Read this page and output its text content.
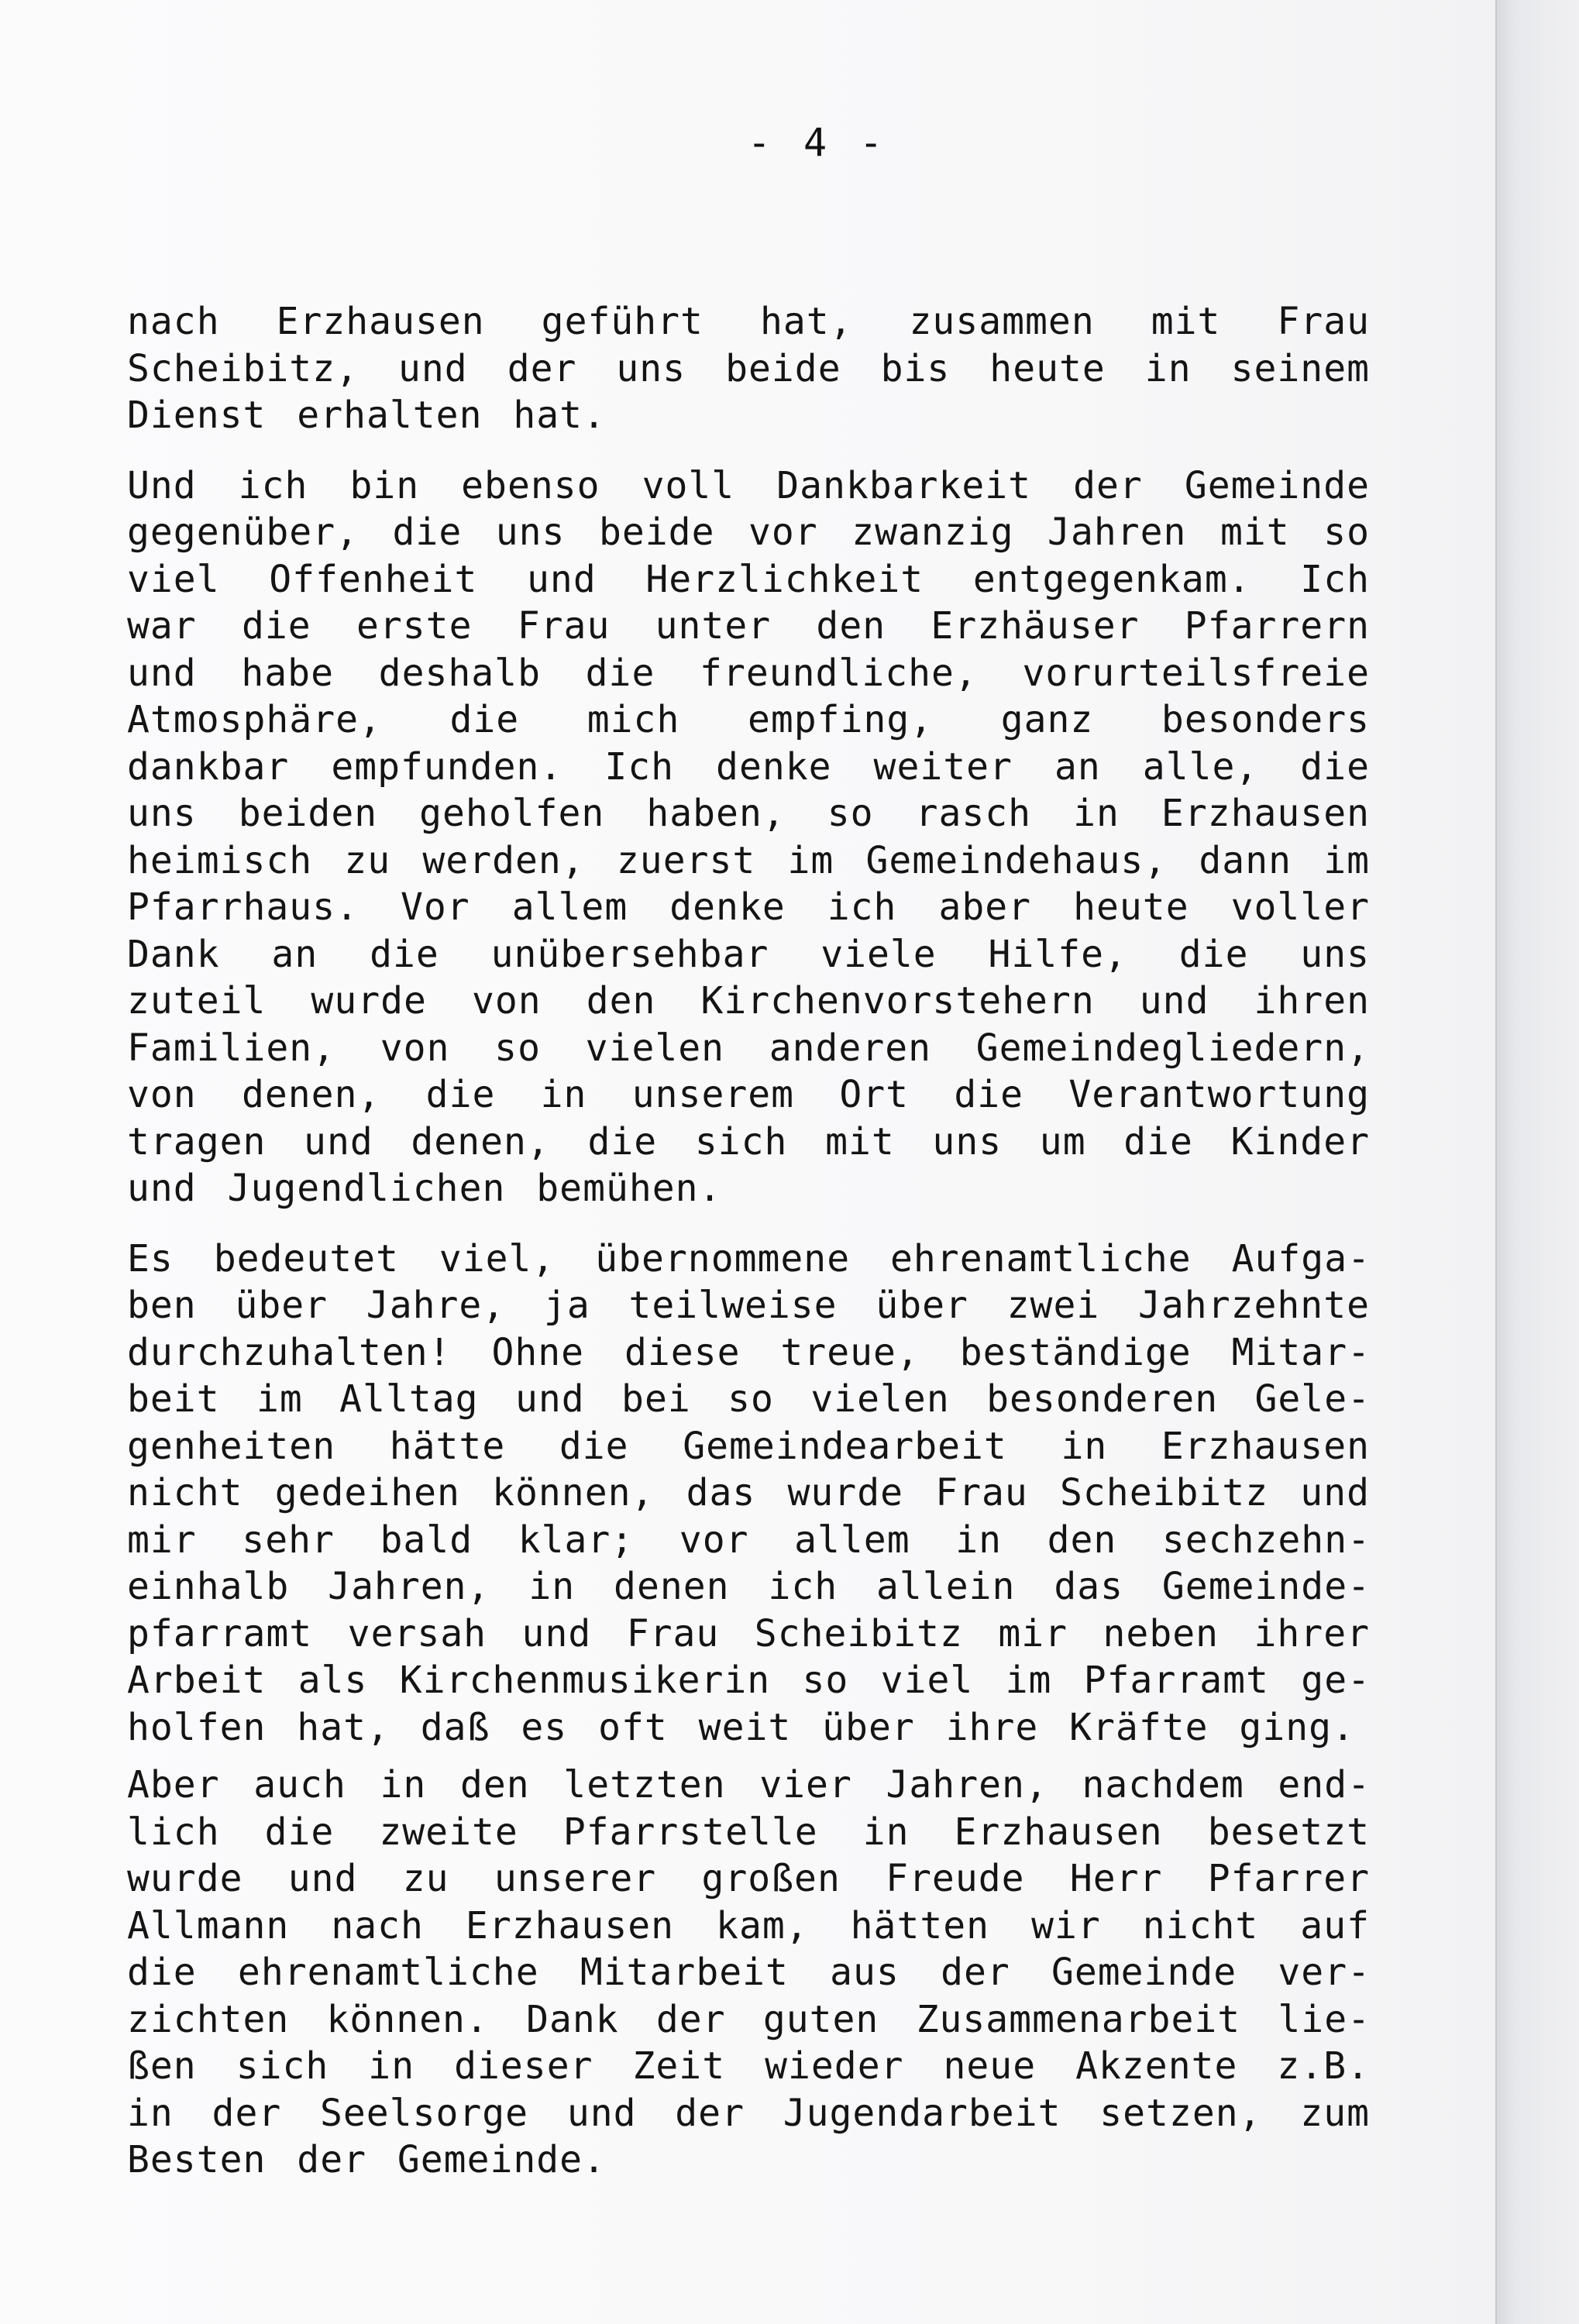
- 4 -

nach Erzhausen geführt hat, zusammen mit Frau Scheibitz, und der uns beide bis heute in seinem Dienst erhalten hat.

Und ich bin ebenso voll Dankbarkeit der Gemeinde gegenüber, die uns beide vor zwanzig Jahren mit so viel Offenheit und Herzlichkeit entgegenkam. Ich war die erste Frau unter den Erzhäuser Pfarrern und habe deshalb die freundliche, vorurteilsfreie Atmosphäre, die mich empfing, ganz besonders dankbar empfunden. Ich denke weiter an alle, die uns beiden geholfen haben, so rasch in Erzhausen heimisch zu werden, zuerst im Gemeindehaus, dann im Pfarrhaus. Vor allem denke ich aber heute voller Dank an die unübersehbar viele Hilfe, die uns zuteil wurde von den Kirchenvorstehern und ihren Familien, von so vielen anderen Gemeindegliedern, von denen, die in unserem Ort die Verantwortung tragen und denen, die sich mit uns um die Kinder und Jugendlichen bemühen.

Es bedeutet viel, übernommene ehrenamtliche Aufgaben über Jahre, ja teilweise über zwei Jahrzehnte durchzuhalten! Ohne diese treue, beständige Mitarbeit im Alltag und bei so vielen besonderen Gelegenheiten hätte die Gemeindearbeit in Erzhausen nicht gedeihen können, das wurde Frau Scheibitz und mir sehr bald klar; vor allem in den sechzehneinhalb Jahren, in denen ich allein das Gemeindepfarramt versah und Frau Scheibitz mir neben ihrer Arbeit als Kirchenmusikerin so viel im Pfarramt geholfen hat, daß es oft weit über ihre Kräfte ging.

Aber auch in den letzten vier Jahren, nachdem endlich die zweite Pfarrstelle in Erzhausen besetzt wurde und zu unserer großen Freude Herr Pfarrer Allmann nach Erzhausen kam, hätten wir nicht auf die ehrenamtliche Mitarbeit aus der Gemeinde verzichten können. Dank der guten Zusammenarbeit ließen sich in dieser Zeit wieder neue Akzente z.B. in der Seelsorge und der Jugendarbeit setzen, zum Besten der Gemeinde.
